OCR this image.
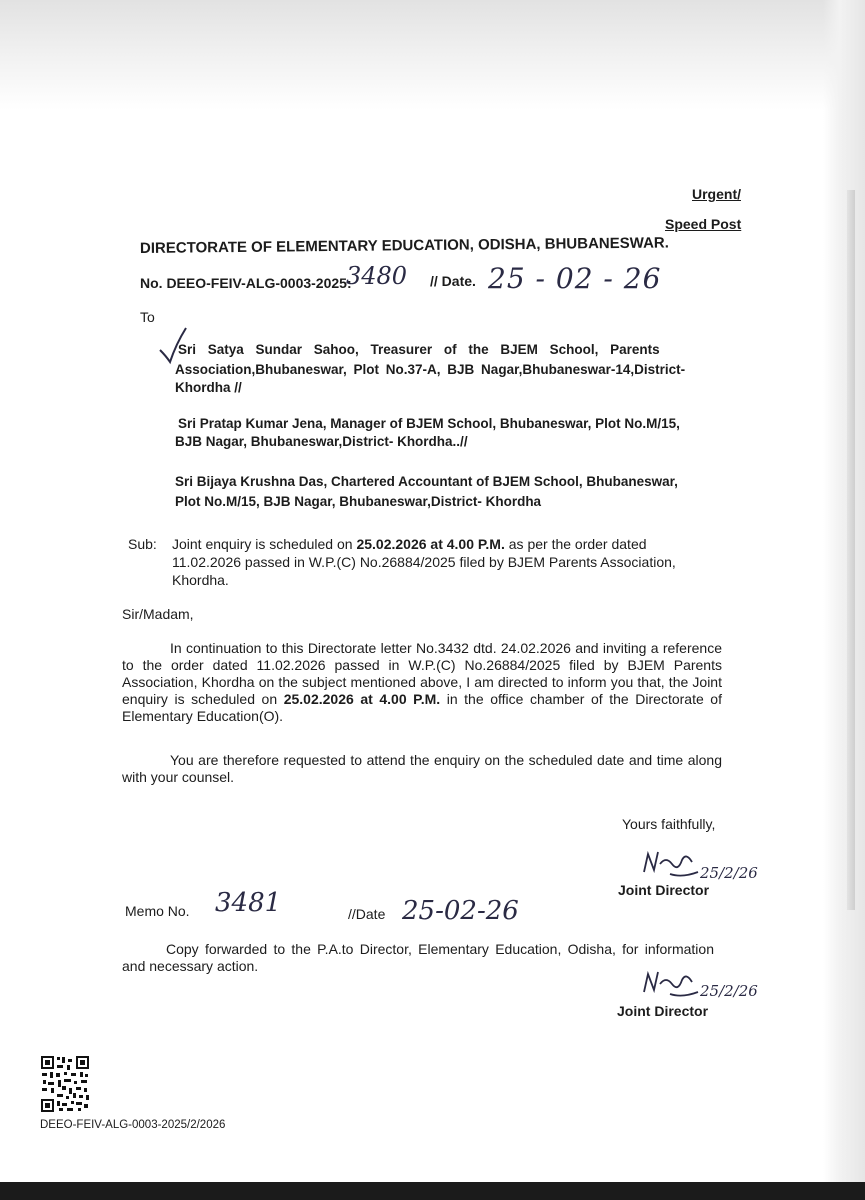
Urgent/
Speed Post
DIRECTORATE OF ELEMENTARY EDUCATION, ODISHA, BHUBANESWAR.
No. DEEO-FEIV-ALG-0003-2025:
3480 // Date. 25 - 02 - 26
To
Sri Satya Sundar Sahoo, Treasurer of the BJEM School, Parents
Association,Bhubaneswar, Plot No.37-A, BJB Nagar,Bhubaneswar-14,District-
Khordha //
Sri Pratap Kumar Jena, Manager of BJEM School, Bhubaneswar, Plot No.M/15,
BJB Nagar, Bhubaneswar,District- Khordha..//
Sri Bijaya Krushna Das, Chartered Accountant of BJEM School, Bhubaneswar,
Plot No.M/15, BJB Nagar, Bhubaneswar,District- Khordha
Sub: Joint enquiry is scheduled on 25.02.2026 at 4.00 P.M. as per the order dated
11.02.2026 passed in W.P.(C) No.26884/2025 filed by BJEM Parents Association,
Khordha.
Sir/Madam,
In continuation to this Directorate letter No.3432 dtd. 24.02.2026 and inviting a reference to the order dated 11.02.2026 passed in W.P.(C) No.26884/2025 filed by BJEM Parents Association, Khordha on the subject mentioned above, I am directed to inform you that, the Joint enquiry is scheduled on 25.02.2026 at 4.00 P.M. in the office chamber of the Directorate of Elementary Education(O).
You are therefore requested to attend the enquiry on the scheduled date and time along with your counsel.
Yours faithfully,
25/2/26
Joint Director
Memo No. 3481	//Date 25-02-26
Copy forwarded to the P.A.to Director, Elementary Education, Odisha, for information and necessary action.
25/2/26
Joint Director
DEEO-FEIV-ALG-0003-2025/2/2026
